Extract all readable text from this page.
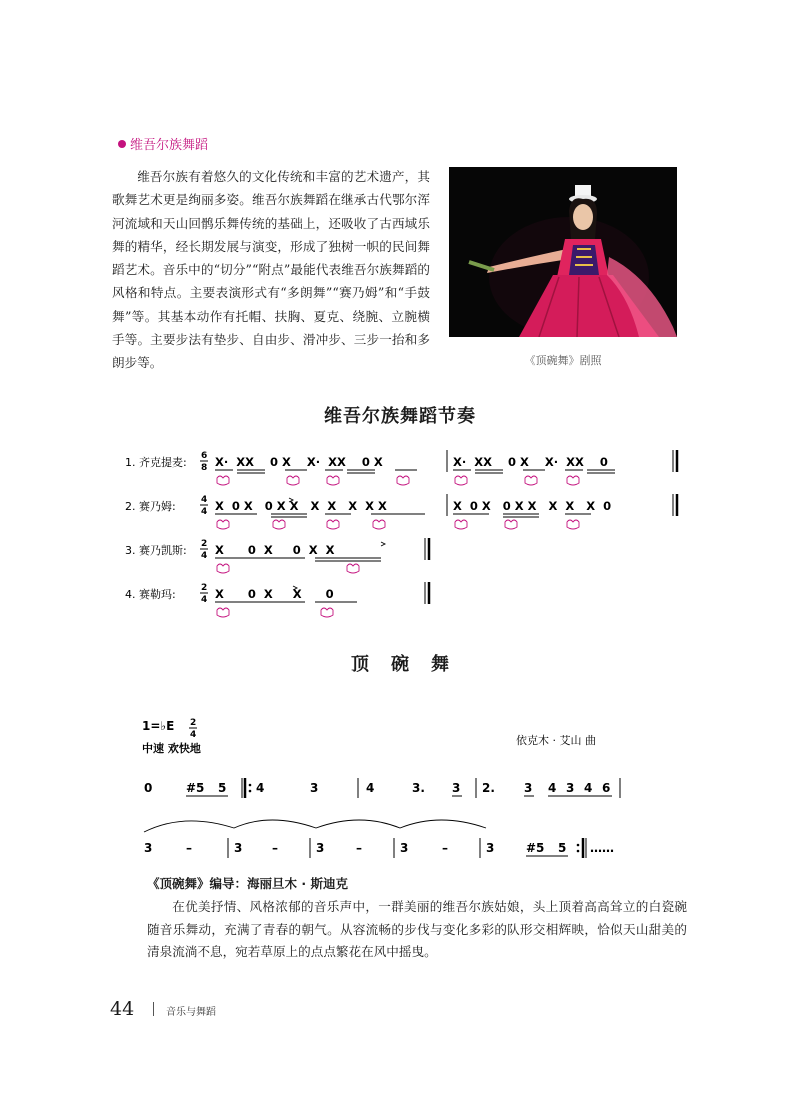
维吾尔族舞蹈
维吾尔族有着悠久的文化传统和丰富的艺术遗产，其歌舞艺术更是绚丽多姿。维吾尔族舞蹈在继承古代鄂尔浑河流域和天山回鹘乐舞传统的基础上，还吸收了古西域乐舞的精华，经长期发展与演变，形成了独树一帜的民间舞蹈艺术。音乐中的“切分”“附点”最能代表维吾尔族舞蹈的风格和特点。主要表演形式有“多朗舞”“赛乃姆”和“手鼓舞”等。其基本动作有托帽、扶胸、夏克、绕腕、立腕横手等。主要步法有垫步、自由步、滑冲步、三步一抬和多朗步等。	《顶碗舞》剧照
维吾尔族舞蹈节奏
1. 齐克提麦: 6
8 X·  XX    0 X    X·  XX    0 X	X·  XX    0 X    X·  XX    0
2. 赛乃姆:	4
4 X  0 X   0 X X   X  X   X  X X	X  0 X   0 X X   X  X   X  0
3. 赛乃凯斯: 2
4 X      0  X     0  X  X
4. 赛勒玛:	2
4 X      0  X     X      0
顶碗舞
1=♭E 2
4
中速 欢快地
依克木 · 艾山 曲
0	#5 5 4	3	4	3. 3 2. 3 4 3 4 6
3	–	3 –	3	–	3	–	3	#5 5 ……
《顶碗舞》编导：海丽旦木 · 斯迪克
在优美抒情、风格浓郁的音乐声中，一群美丽的维吾尔族姑娘，头上顶着高高耸立的白瓷碗随音乐舞动，充满了青春的朝气。从容流畅的步伐与变化多彩的队形交相辉映，恰似天山甜美的清泉流淌不息，宛若草原上的点点繁花在风中摇曳。
44	音乐与舞蹈
